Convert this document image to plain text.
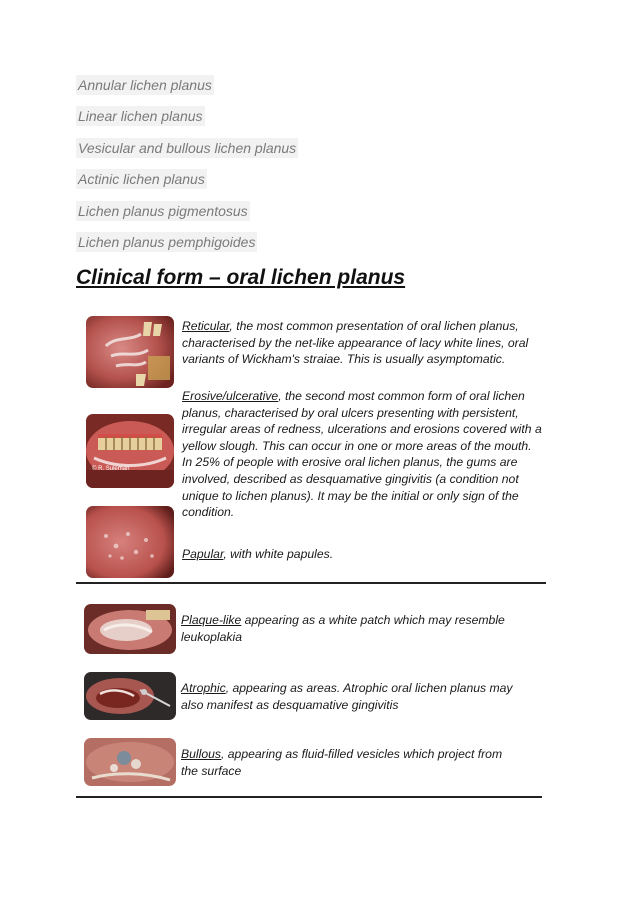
Annular lichen planus
Linear lichen planus
Vesicular and bullous lichen planus
Actinic lichen planus
Lichen planus pigmentosus
Lichen planus pemphigoides
Clinical form – oral lichen planus
© R. Suleman

Reticular, the most common presentation of oral lichen planus, characterised by the net-like appearance of lacy white lines, oral variants of Wickham's straiae. This is usually asymptomatic.

Erosive/ulcerative, the second most common form of oral lichen planus, characterised by oral ulcers presenting with persistent, irregular areas of redness, ulcerations and erosions covered with a yellow slough. This can occur in one or more areas of the mouth. In 25% of people with erosive oral lichen planus, the gums are involved, described as desquamative gingivitis (a condition not unique to lichen planus). It may be the initial or only sign of the condition.

Papular, with white papules.

Plaque-like appearing as a white patch which may resemble leukoplakia

Atrophic, appearing as areas. Atrophic oral lichen planus may also manifest as desquamative gingivitis

Bullous, appearing as fluid-filled vesicles which project from the surface
